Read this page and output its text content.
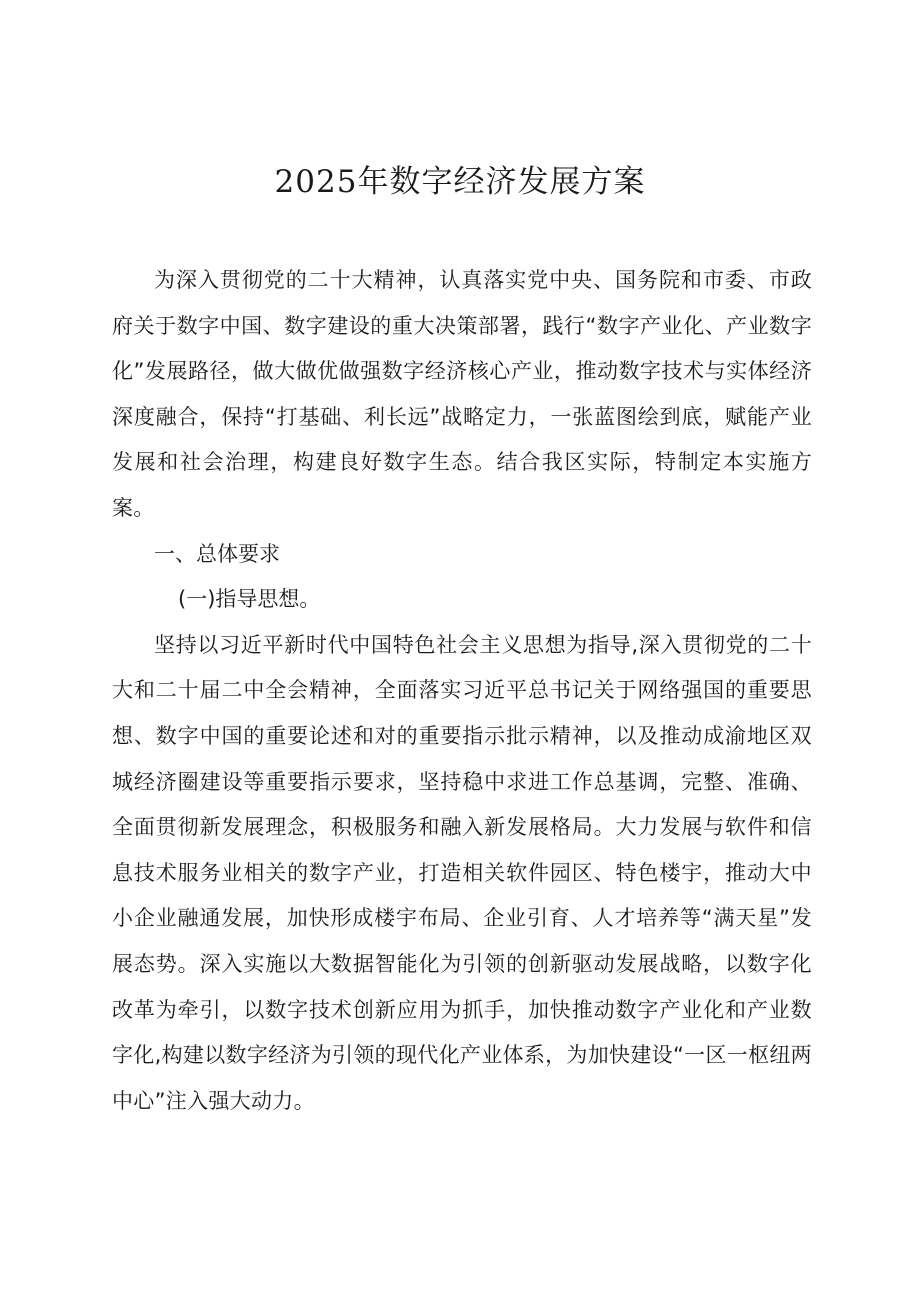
2025年数字经济发展方案

为深入贯彻党的二十大精神，认真落实党中央、国务院和市委、市政府关于数字中国、数字建设的重大决策部署，践行“数字产业化、产业数字化”发展路径，做大做优做强数字经济核心产业，推动数字技术与实体经济深度融合，保持“打基础、利长远”战略定力，一张蓝图绘到底，赋能产业发展和社会治理，构建良好数字生态。结合我区实际，特制定本实施方案。

一、总体要求

(一)指导思想。

坚持以习近平新时代中国特色社会主义思想为指导,深入贯彻党的二十大和二十届二中全会精神，全面落实习近平总书记关于网络强国的重要思想、数字中国的重要论述和对的重要指示批示精神，以及推动成渝地区双城经济圈建设等重要指示要求，坚持稳中求进工作总基调，完整、准确、全面贯彻新发展理念，积极服务和融入新发展格局。大力发展与软件和信息技术服务业相关的数字产业，打造相关软件园区、特色楼宇，推动大中小企业融通发展，加快形成楼宇布局、企业引育、人才培养等“满天星”发展态势。深入实施以大数据智能化为引领的创新驱动发展战略，以数字化改革为牵引，以数字技术创新应用为抓手，加快推动数字产业化和产业数字化,构建以数字经济为引领的现代化产业体系，为加快建设“一区一枢纽两中心”注入强大动力。
